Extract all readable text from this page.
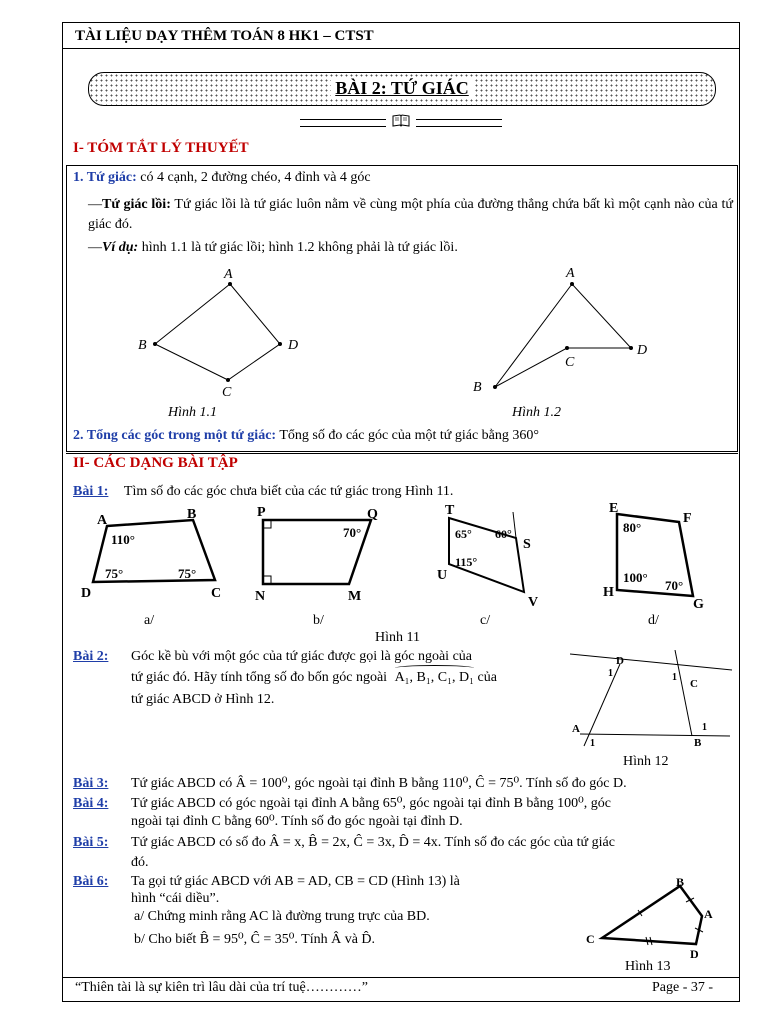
TÀI LIỆU DẠY THÊM TOÁN 8 HK1 – CTST
BÀI 2: TỨ GIÁC
I- TÓM TẮT LÝ THUYẾT
1. Tứ giác: có 4 cạnh, 2 đường chéo, 4 đỉnh và 4 góc
—Tứ giác lồi: Tứ giác lồi là tứ giác luôn nằm về cùng một phía của đường thẳng chứa bất kì một cạnh nào của tứ giác đó.
—Ví dụ: hình 1.1 là tứ giác lồi; hình 1.2 không phải là tứ giác lồi.
A
B
C
D
A
B
C
D
Hình 1.1	Hình 1.2
2. Tổng các góc trong một tứ giác: Tổng số đo các góc của một tứ giác bằng 360°
II- CÁC DẠNG BÀI TẬP
Bài 1: Tìm số đo các góc chưa biết của các tứ giác trong Hình 11.
A	B
C
D
110°
75°	75°
P	Q
N	M
70°
T
S
U
V
65° 60°
115°
E
F
H
G
80°
100°
70°
a/	b/	c/	d/
Hình 11
Bài 2: Góc kề bù với một góc của tứ giác được gọi là góc ngoài của
tứ giác đó. Hãy tính tổng số đo bốn góc ngoài A₁, B₁, C₁, D₁ của
tứ giác ABCD ở Hình 12.
D
C
A
B
1	1
1
1
Hình 12
Bài 3: Tứ giác ABCD có Â = 100⁰, góc ngoài tại đỉnh B bằng 110⁰, Ĉ = 75⁰. Tính số đo góc D.
Bài 4: Tứ giác ABCD có góc ngoài tại đỉnh A bằng 65⁰, góc ngoài tại đỉnh B bằng 100⁰, góc
ngoài tại đỉnh C bằng 60⁰. Tính số đo góc ngoài tại đỉnh D.
Bài 5: Tứ giác ABCD có số đo Â = x, B̂ = 2x, Ĉ = 3x, D̂ = 4x. Tính số đo các góc của tứ giác
đó.
Bài 6: Ta gọi tứ giác ABCD với AB = AD, CB = CD (Hình 13) là
hình “cái diều”.
a/ Chứng minh rằng AC là đường trung trực của BD.
b/ Cho biết B̂ = 95⁰, Ĉ = 35⁰. Tính Â và D̂.
B
A
C
D
Hình 13
“Thiên tài là sự kiên trì lâu dài của trí tuệ…………”	Page - 37 -
